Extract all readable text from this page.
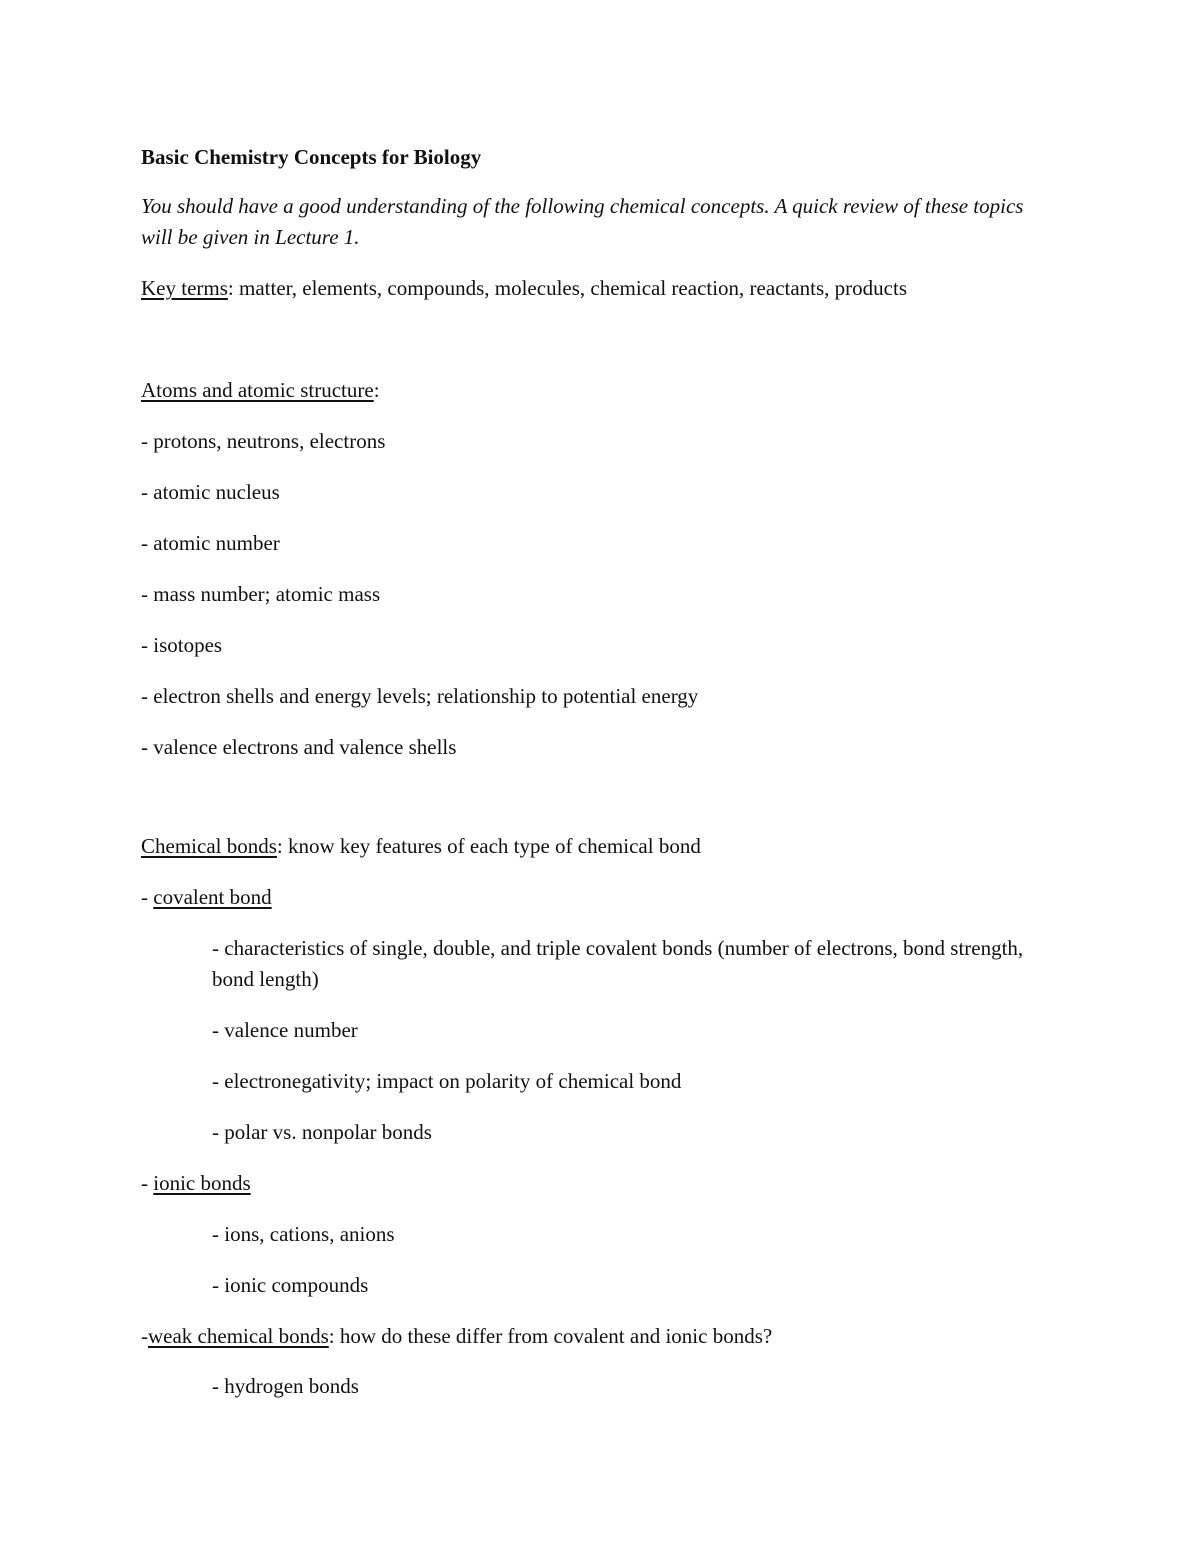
Basic Chemistry Concepts for Biology
You should have a good understanding of the following chemical concepts. A quick review of these topics will be given in Lecture 1.
Key terms: matter, elements, compounds, molecules, chemical reaction, reactants, products
Atoms and atomic structure:
- protons, neutrons, electrons
- atomic nucleus
- atomic number
- mass number; atomic mass
- isotopes
- electron shells and energy levels; relationship to potential energy
- valence electrons and valence shells
Chemical bonds: know key features of each type of chemical bond
- covalent bond
- characteristics of single, double, and triple covalent bonds (number of electrons, bond strength, bond length)
- valence number
- electronegativity; impact on polarity of chemical bond
- polar vs. nonpolar bonds
- ionic bonds
- ions, cations, anions
- ionic compounds
-weak chemical bonds: how do these differ from covalent and ionic bonds?
- hydrogen bonds
